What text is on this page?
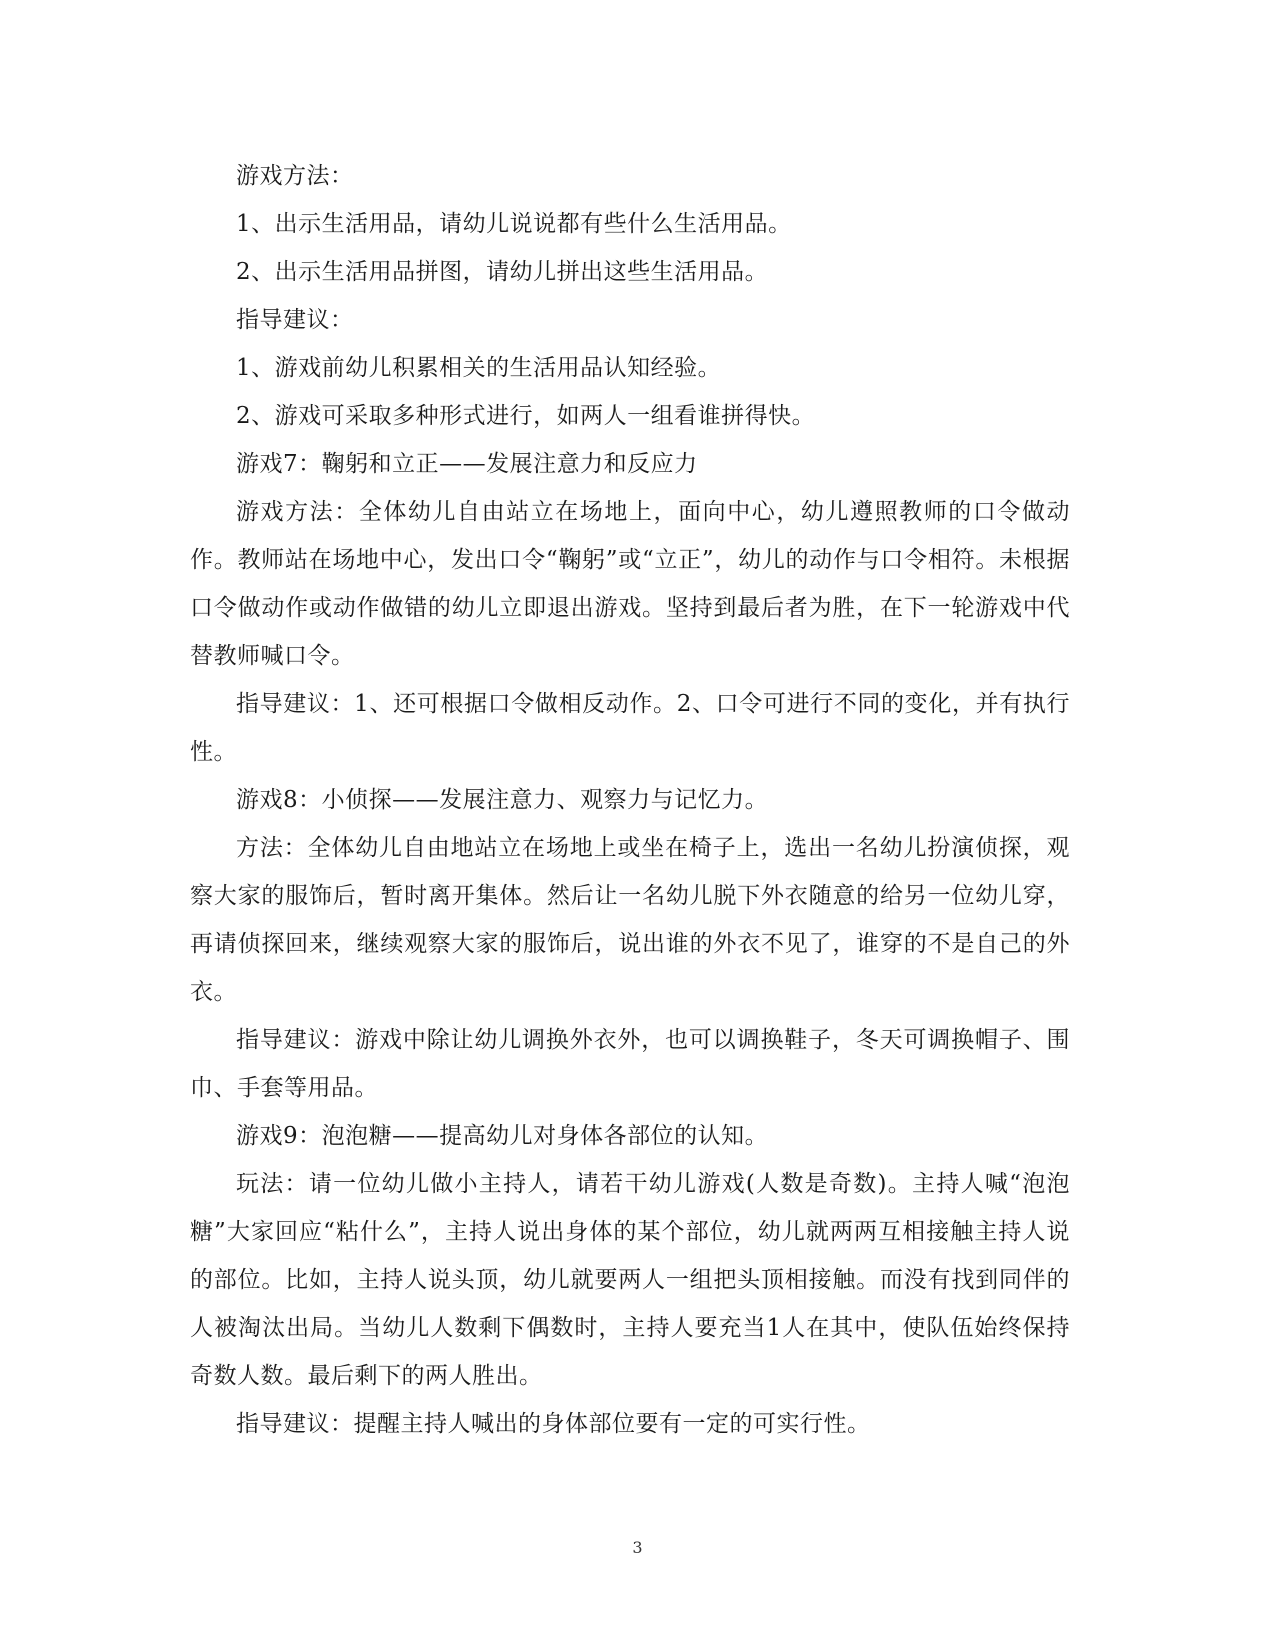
游戏方法：

1、出示生活用品，请幼儿说说都有些什么生活用品。

2、出示生活用品拼图，请幼儿拼出这些生活用品。

指导建议：

1、游戏前幼儿积累相关的生活用品认知经验。

2、游戏可采取多种形式进行，如两人一组看谁拼得快。

游戏7：鞠躬和立正——发展注意力和反应力

游戏方法：全体幼儿自由站立在场地上，面向中心，幼儿遵照教师的口令做动作。教师站在场地中心，发出口令“鞠躬”或“立正”，幼儿的动作与口令相符。未根据口令做动作或动作做错的幼儿立即退出游戏。坚持到最后者为胜，在下一轮游戏中代替教师喊口令。

指导建议：1、还可根据口令做相反动作。2、口令可进行不同的变化，并有执行性。

游戏8：小侦探——发展注意力、观察力与记忆力。

方法：全体幼儿自由地站立在场地上或坐在椅子上，选出一名幼儿扮演侦探，观察大家的服饰后，暂时离开集体。然后让一名幼儿脱下外衣随意的给另一位幼儿穿，再请侦探回来，继续观察大家的服饰后，说出谁的外衣不见了，谁穿的不是自己的外衣。

指导建议：游戏中除让幼儿调换外衣外，也可以调换鞋子，冬天可调换帽子、围巾、手套等用品。

游戏9：泡泡糖——提高幼儿对身体各部位的认知。

玩法：请一位幼儿做小主持人，请若干幼儿游戏(人数是奇数)。主持人喊“泡泡糖”大家回应“粘什么”，主持人说出身体的某个部位，幼儿就两两互相接触主持人说的部位。比如，主持人说头顶，幼儿就要两人一组把头顶相接触。而没有找到同伴的人被淘汰出局。当幼儿人数剩下偶数时，主持人要充当1人在其中，使队伍始终保持奇数人数。最后剩下的两人胜出。

指导建议：提醒主持人喊出的身体部位要有一定的可实行性。

3
